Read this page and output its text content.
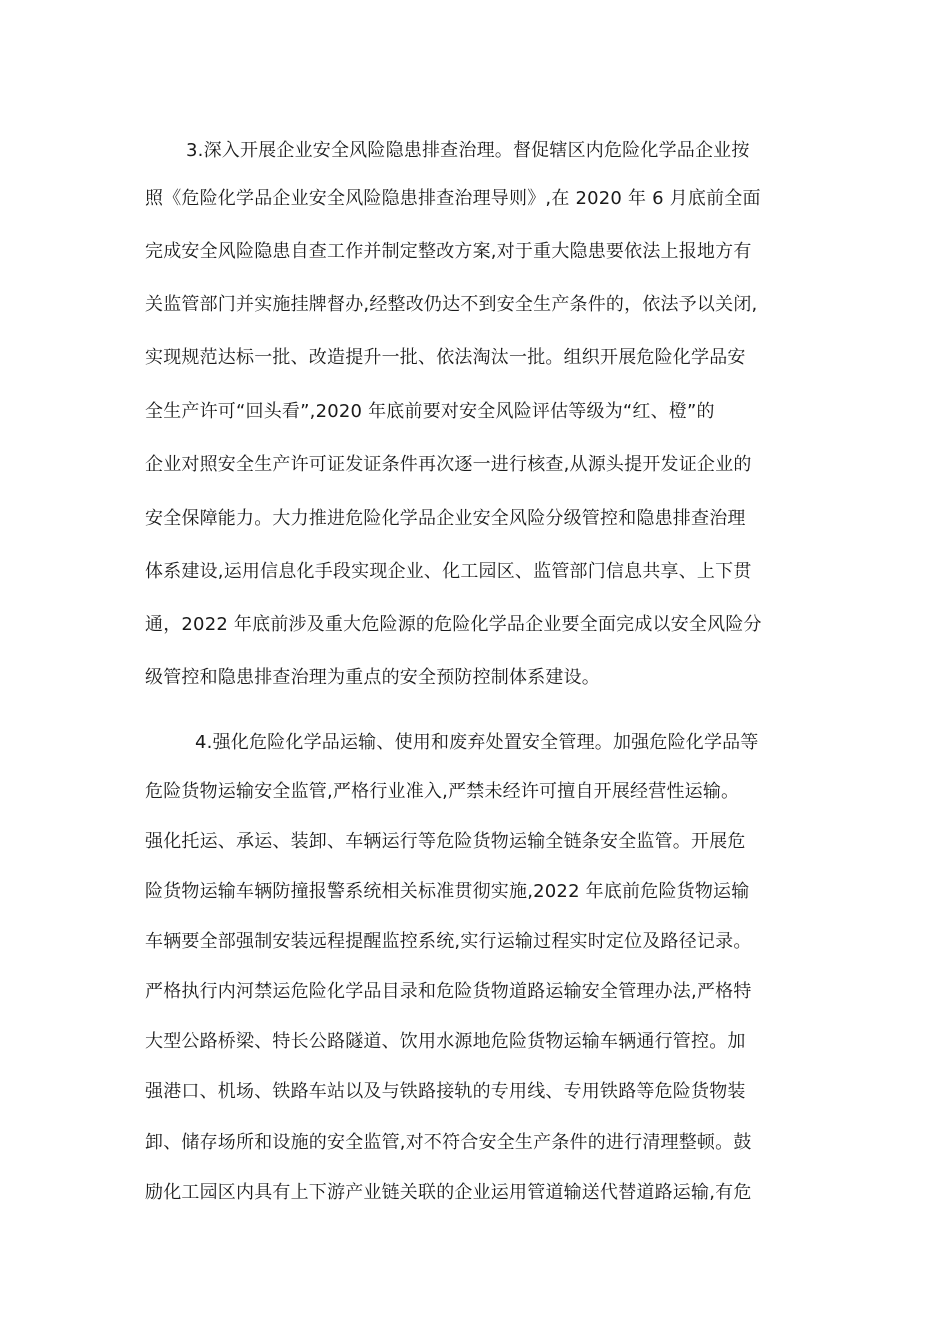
3.深入开展企业安全风险隐患排查治理。督促辖区内危险化学品企业按
照《危险化学品企业安全风险隐患排查治理导则》,在 2020 年 6 月底前全面
完成安全风险隐患自查工作并制定整改方案,对于重大隐患要依法上报地方有
关监管部门并实施挂牌督办,经整改仍达不到安全生产条件的，依法予以关闭,
实现规范达标一批、改造提升一批、依法淘汰一批。组织开展危险化学品安
全生产许可“回头看”,2020 年底前要对安全风险评估等级为“红、橙”的
企业对照安全生产许可证发证条件再次逐一进行核查,从源头提开发证企业的
安全保障能力。大力推进危险化学品企业安全风险分级管控和隐患排查治理
体系建设,运用信息化手段实现企业、化工园区、监管部门信息共享、上下贯
通，2022 年底前涉及重大危险源的危险化学品企业要全面完成以安全风险分
级管控和隐患排查治理为重点的安全预防控制体系建设。
4.强化危险化学品运输、使用和废弃处置安全管理。加强危险化学品等
危险货物运输安全监管,严格行业准入,严禁未经许可擅自开展经营性运输。
强化托运、承运、装卸、车辆运行等危险货物运输全链条安全监管。开展危
险货物运输车辆防撞报警系统相关标准贯彻实施,2022 年底前危险货物运输
车辆要全部强制安装远程提醒监控系统,实行运输过程实时定位及路径记录。
严格执行内河禁运危险化学品目录和危险货物道路运输安全管理办法,严格特
大型公路桥梁、特长公路隧道、饮用水源地危险货物运输车辆通行管控。加
强港口、机场、铁路车站以及与铁路接轨的专用线、专用铁路等危险货物装
卸、储存场所和设施的安全监管,对不符合安全生产条件的进行清理整顿。鼓
励化工园区内具有上下游产业链关联的企业运用管道输送代替道路运输,有危
